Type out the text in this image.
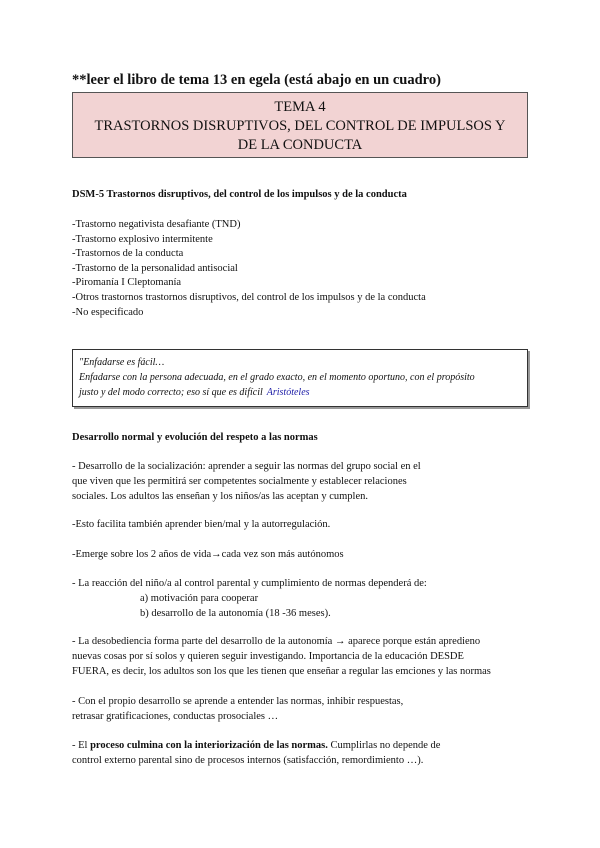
**leer el libro de tema 13 en egela (está abajo en un cuadro)
TEMA 4
TRASTORNOS DISRUPTIVOS, DEL CONTROL DE IMPULSOS Y
DE LA CONDUCTA
DSM-5 Trastornos disruptivos, del control de los impulsos y de la conducta
-Trastorno negativista desafiante (TND)
-Trastorno explosivo intermitente
-Trastornos de la conducta
-Trastorno de la personalidad antisocial
-Piromanía I Cleptomanía
-Otros trastornos trastornos disruptivos, del control de los impulsos y de la conducta
-No especificado
"Enfadarse es fácil…
Enfadarse con la persona adecuada, en el grado exacto, en el momento oportuno, con el propósito
justo y del modo correcto; eso sí que es difícil Aristóteles
Desarrollo normal y evolución del respeto a las normas
- Desarrollo de la socialización: aprender a seguir las normas del grupo social en el
que viven que les permitirá ser competentes socialmente y establecer relaciones
sociales. Los adultos las enseñan y los niños/as las aceptan y cumplen.
-Esto facilita también aprender bien/mal y la autorregulación.
-Emerge sobre los 2 años de vida→cada vez son más autónomos
- La reacción del niño/a al control parental y cumplimiento de normas dependerá de:
a) motivación para cooperar
b) desarrollo de la autonomía (18 -36 meses).
- La desobediencia forma parte del desarrollo de la autonomía → aparece porque están apredieno
nuevas cosas por sí solos y quieren seguir investigando. Importancia de la educación DESDE
FUERA, es decir, los adultos son los que les tienen que enseñar a regular las emciones y las normas
- Con el propio desarrollo se aprende a entender las normas, inhibir respuestas,
retrasar gratificaciones, conductas prosociales …
- El proceso culmina con la interiorización de las normas. Cumplirlas no depende de
control externo parental sino de procesos internos (satisfacción, remordimiento …).
